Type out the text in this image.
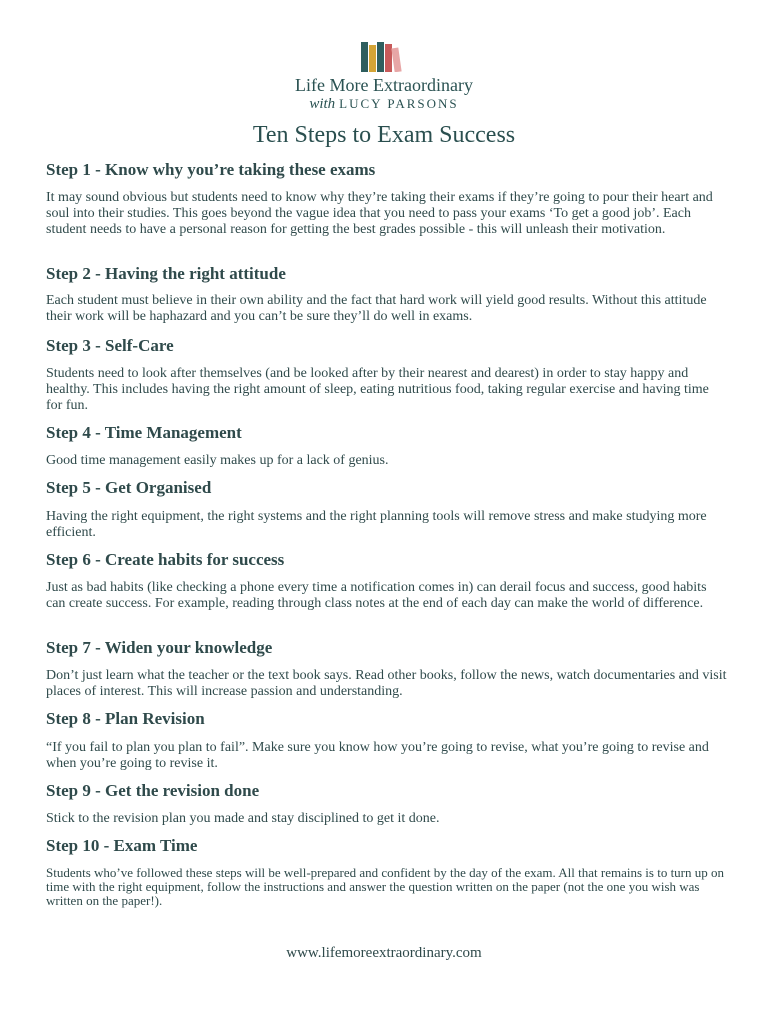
Life More Extraordinary
with LUCY PARSONS
Ten Steps to Exam Success
Step 1 - Know why you’re taking these exams
It may sound obvious but students need to know why they’re taking their exams if they’re going to pour their heart and soul into their studies. This goes beyond the vague idea that you need to pass your exams ‘To get a good job’. Each student needs to have a personal reason for getting the best grades possible - this will unleash their motivation.
Step 2 - Having the right attitude
Each student must believe in their own ability and the fact that hard work will yield good results. Without this attitude their work will be haphazard and you can’t be sure they’ll do well in exams.
Step 3 - Self-Care
Students need to look after themselves (and be looked after by their nearest and dearest) in order to stay happy and healthy. This includes having the right amount of sleep, eating nutritious food, taking regular exercise and having time for fun.
Step 4 - Time Management
Good time management easily makes up for a lack of genius.
Step 5 - Get Organised
Having the right equipment, the right systems and the right planning tools will remove stress and make studying more efficient.
Step 6 - Create habits for success
Just as bad habits (like checking a phone every time a notification comes in) can derail focus and success, good habits can create success. For example, reading through class notes at the end of each day can make the world of difference.
Step 7 - Widen your knowledge
Don’t just learn what the teacher or the text book says. Read other books, follow the news, watch documentaries and visit places of interest. This will increase passion and understanding.
Step 8 - Plan Revision
“If you fail to plan you plan to fail”. Make sure you know how you’re going to revise, what you’re going to revise and when you’re going to revise it.
Step 9 - Get the revision done
Stick to the revision plan you made and stay disciplined to get it done.
Step 10 - Exam Time
Students who’ve followed these steps will be well-prepared and confident by the day of the exam. All that remains is to turn up on time with the right equipment, follow the instructions and answer the question written on the paper (not the one you wish was written on the paper!).
www.lifemoreextraordinary.com
